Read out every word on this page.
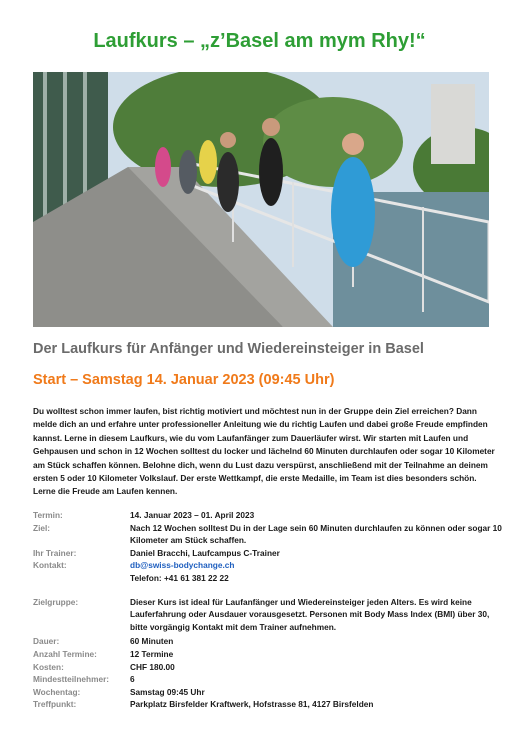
Laufkurs – „z’Basel am mym Rhy!“
Der Laufkurs für Anfänger und Wiedereinsteiger in Basel
Start – Samstag 14. Januar 2023 (09:45 Uhr)
Du wolltest schon immer laufen, bist richtig motiviert und möchtest nun in der Gruppe dein Ziel erreichen? Dann melde dich an und erfahre unter professioneller Anleitung wie du richtig Laufen und dabei große Freude empfinden kannst. Lerne in diesem Laufkurs, wie du vom Laufanfänger zum Dauerläufer wirst. Wir starten mit Laufen und Gehpausen und schon in 12 Wochen solltest du locker und lächelnd 60 Minuten durchlaufen oder sogar 10 Kilometer am Stück schaffen können. Belohne dich, wenn du Lust dazu verspürst, anschließend mit der Teilnahme an deinem ersten 5 oder 10 Kilometer Volkslauf. Der erste Wettkampf, die erste Medaille, im Team ist dies besonders schön. Lerne die Freude am Laufen kennen.
Termin:	14. Januar 2023 – 01. April 2023
Ziel:	Nach 12 Wochen solltest Du in der Lage sein 60 Minuten durchlaufen zu können oder sogar 10 Kilometer am Stück schaffen.
Ihr Trainer:	Daniel Bracchi, Laufcampus C-Trainer
Kontakt:	db@swiss-bodychange.ch
Telefon: +41 61 381 22 22
Zielgruppe:	Dieser Kurs ist ideal für Laufanfänger und Wiedereinsteiger jeden Alters. Es wird keine Lauferfahrung oder Ausdauer vorausgesetzt. Personen mit Body Mass Index (BMI) über 30, bitte vorgängig Kontakt mit dem Trainer aufnehmen.
Dauer:	60 Minuten
Anzahl Termine:	12 Termine
Kosten:	CHF 180.00
Mindestteilnehmer:	6
Wochentag:	Samstag 09:45 Uhr
Treffpunkt:	Parkplatz Birsfelder Kraftwerk, Hofstrasse 81, 4127 Birsfelden
